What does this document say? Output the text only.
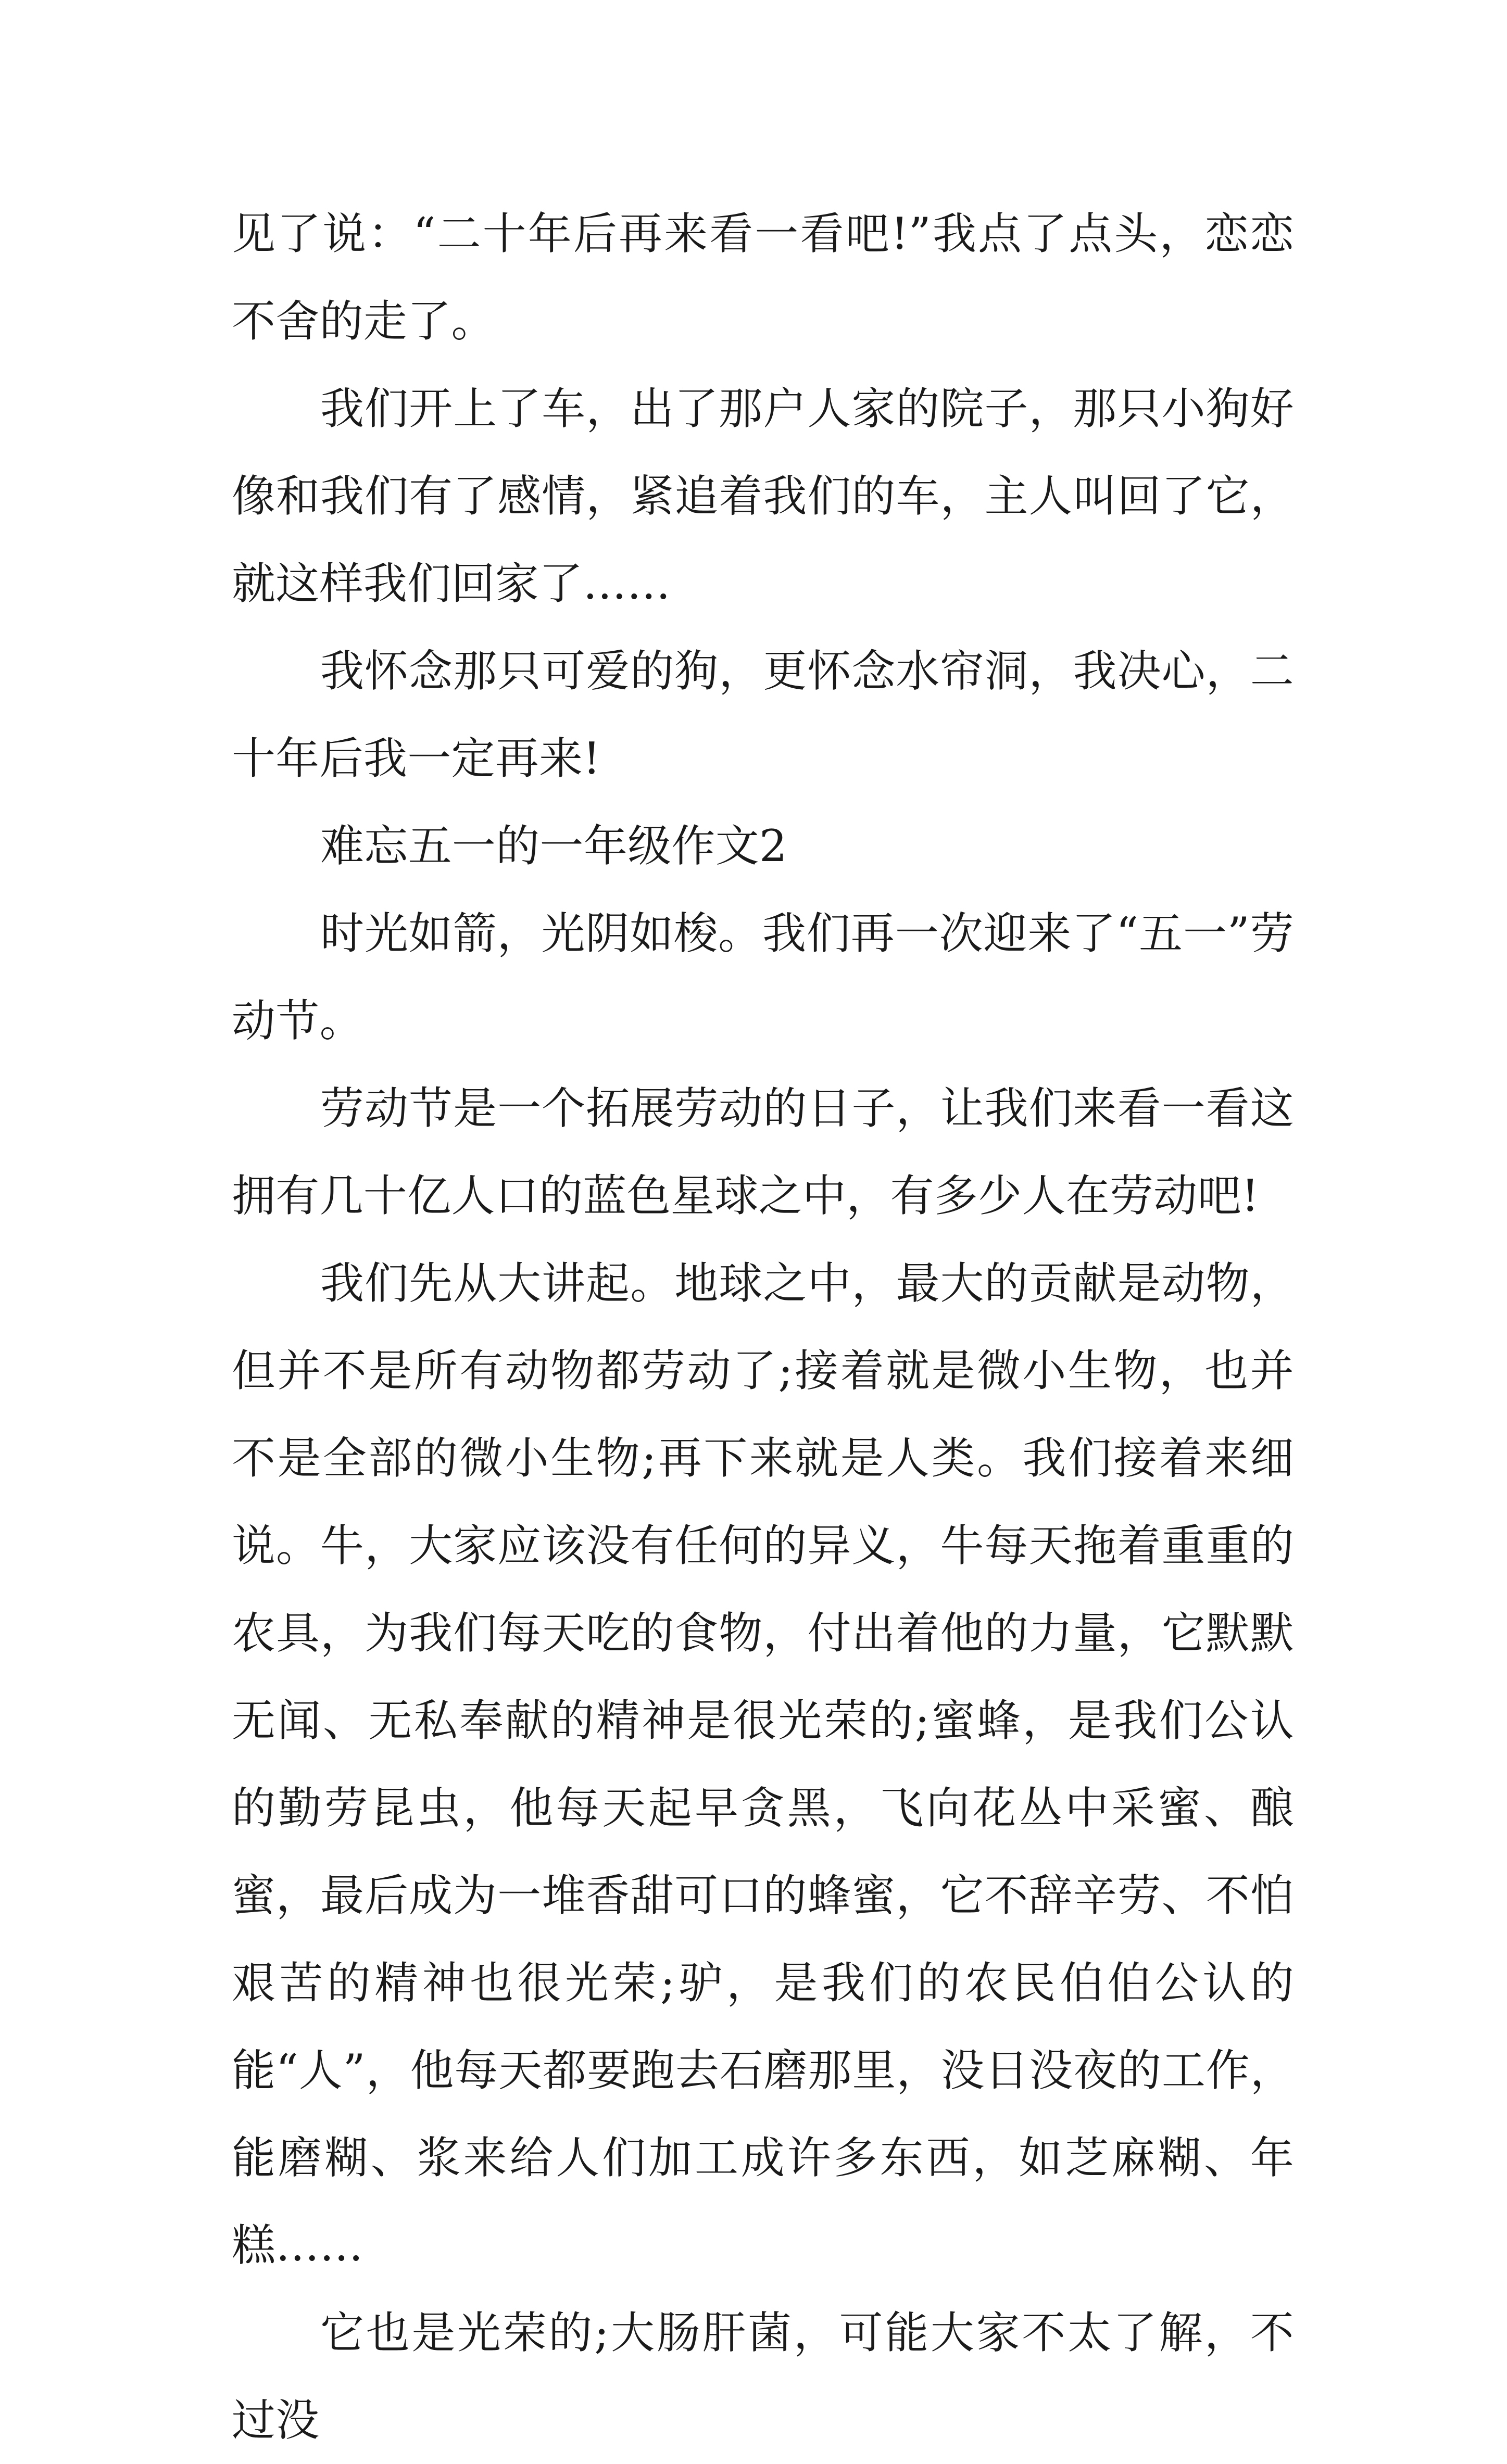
见了说：“二十年后再来看一看吧!”我点了点头，恋恋不舍的走了。

我们开上了车，出了那户人家的院子，那只小狗好像和我们有了感情，紧追着我们的车，主人叫回了它，就这样我们回家了……

我怀念那只可爱的狗，更怀念水帘洞，我决心，二十年后我一定再来!

难忘五一的一年级作文2

时光如箭，光阴如梭。我们再一次迎来了“五一”劳动节。

劳动节是一个拓展劳动的日子，让我们来看一看这拥有几十亿人口的蓝色星球之中，有多少人在劳动吧!

我们先从大讲起。地球之中，最大的贡献是动物，但并不是所有动物都劳动了;接着就是微小生物，也并不是全部的微小生物;再下来就是人类。我们接着来细说。牛，大家应该没有任何的异义，牛每天拖着重重的农具，为我们每天吃的食物，付出着他的力量，它默默无闻、无私奉献的精神是很光荣的;蜜蜂，是我们公认的勤劳昆虫，他每天起早贪黑，飞向花丛中采蜜、酿蜜，最后成为一堆香甜可口的蜂蜜，它不辞辛劳、不怕艰苦的精神也很光荣;驴，是我们的农民伯伯公认的能“人”，他每天都要跑去石磨那里，没日没夜的工作，能磨糊、浆来给人们加工成许多东西，如芝麻糊、年糕……

它也是光荣的;大肠肝菌，可能大家不太了解，不过没
